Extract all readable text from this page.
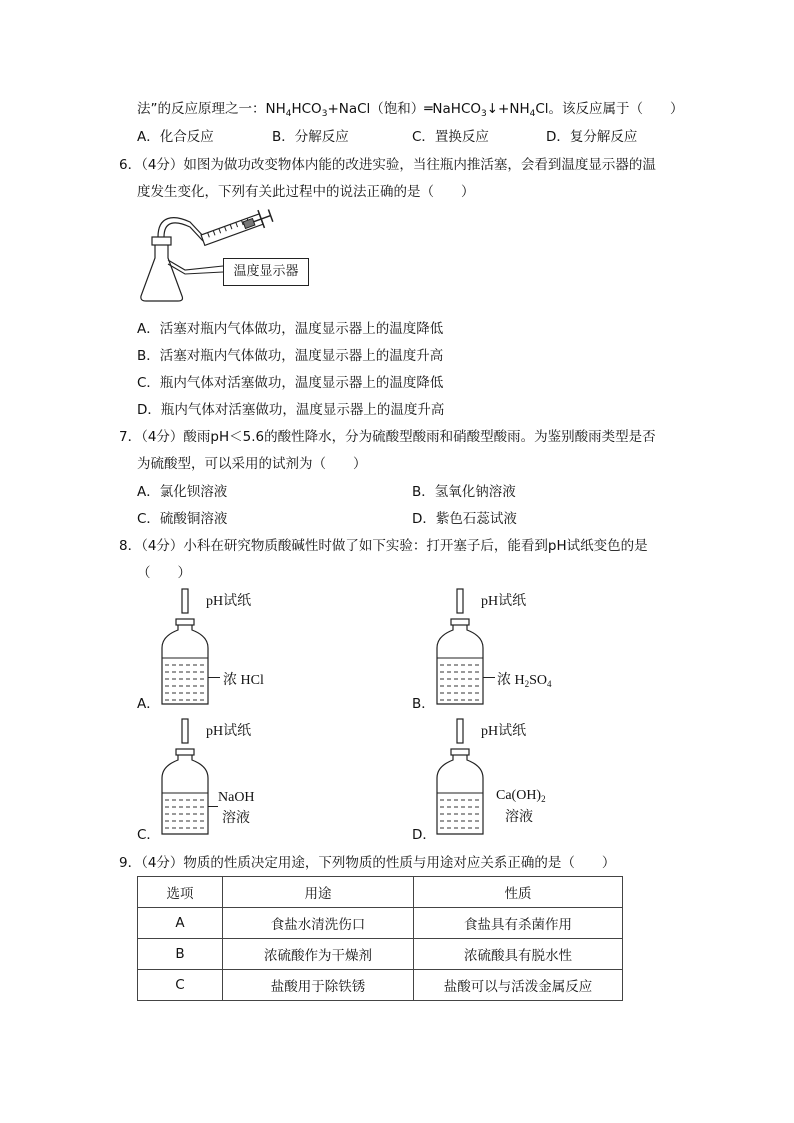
法”的反应原理之一：$NH_4HCO_3+NaCl$（饱和）$═NaHCO_3↓+NH_4Cl$。该反应属于（　　）
A．化合反应	B．分解反应	C．置换反应	D．复分解反应
6．（4分）如图为做功改变物体内能的改进实验，当往瓶内推活塞，会看到温度显示器的温
度发生变化，下列有关此过程中的说法正确的是（　　）
温度显示器
A．活塞对瓶内气体做功，温度显示器上的温度降低
B．活塞对瓶内气体做功，温度显示器上的温度升高
C．瓶内气体对活塞做功，温度显示器上的温度降低
D．瓶内气体对活塞做功，温度显示器上的温度升高
7．（4分）酸雨pH＜5.6的酸性降水，分为硫酸型酸雨和硝酸型酸雨。为鉴别酸雨类型是否
为硫酸型，可以采用的试剂为（　　）
A．氯化钡溶液	B．氢氧化钠溶液
C．硫酸铜溶液	D．紫色石蕊试液
8．（4分）小科在研究物质酸碱性时做了如下实验：打开塞子后，能看到pH试纸变色的是
（　　）
pH试纸	pH试纸
pH试纸	pH试纸
浓 HCl
A．
浓 $H_2SO_4$
B．
NaOH
溶液
C．
$Ca(OH)_2$
溶液
D．
9．（4分）物质的性质决定用途，下列物质的性质与用途对应关系正确的是（　　）
选项	用途	性质
A	食盐水清洗伤口	食盐具有杀菌作用
B	浓硫酸作为干燥剂	浓硫酸具有脱水性
C	盐酸用于除铁锈	盐酸可以与活泼金属反应
